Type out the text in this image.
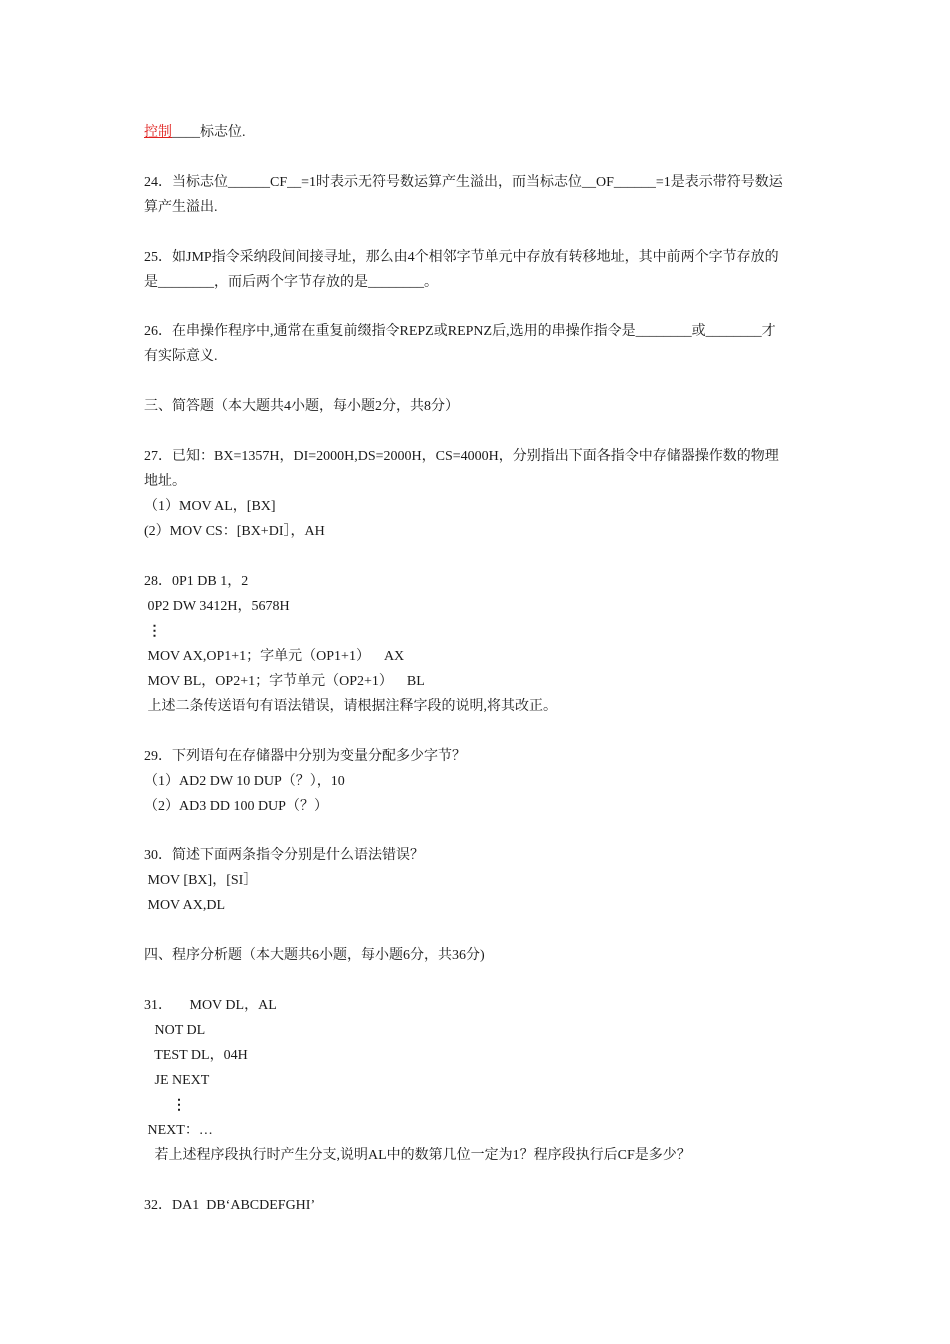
控制____标志位.
24．当标志位______CF__=1时表示无符号数运算产生溢出，而当标志位__OF______=1是表示带符号数运
算产生溢出.
25．如JMP指令采纳段间间接寻址，那么由4个相邻字节单元中存放有转移地址，其中前两个字节存放的
是________，而后两个字节存放的是________。
26．在串操作程序中,通常在重复前缀指令REPZ或REPNZ后,选用的串操作指令是________或________才
有实际意义.
三、简答题（本大题共4小题，每小题2分，共8分）
27．已知：BX=1357H，DI=2000H,DS=2000H，CS=4000H，分别指出下面各指令中存储器操作数的物理
地址。
（1）MOV AL，[BX]
(2）MOV CS：[BX+DI］，AH
28．0P1 DB 1，2
0P2 DW 3412H，5678H
⋮
MOV AX,OP1+1；字单元（OP1+1）    AX
MOV BL，OP2+1；字节单元（OP2+1）    BL
上述二条传送语句有语法错误，请根据注释字段的说明,将其改正。
29．下列语句在存储器中分别为变量分配多少字节？
（1）AD2 DW 10 DUP（？），10
（2）AD3 DD 100 DUP（？）
30．简述下面两条指令分别是什么语法错误？
MOV [BX]，[SI］
MOV AX,DL
四、程序分析题（本大题共6小题，每小题6分，共36分)
31．     MOV DL，AL
NOT DL
TEST DL，04H
JE NEXT
⋮
NEXT：…
若上述程序段执行时产生分支,说明AL中的数第几位一定为1？程序段执行后CF是多少？
32．DA1  DB‘ABCDEFGHI’
